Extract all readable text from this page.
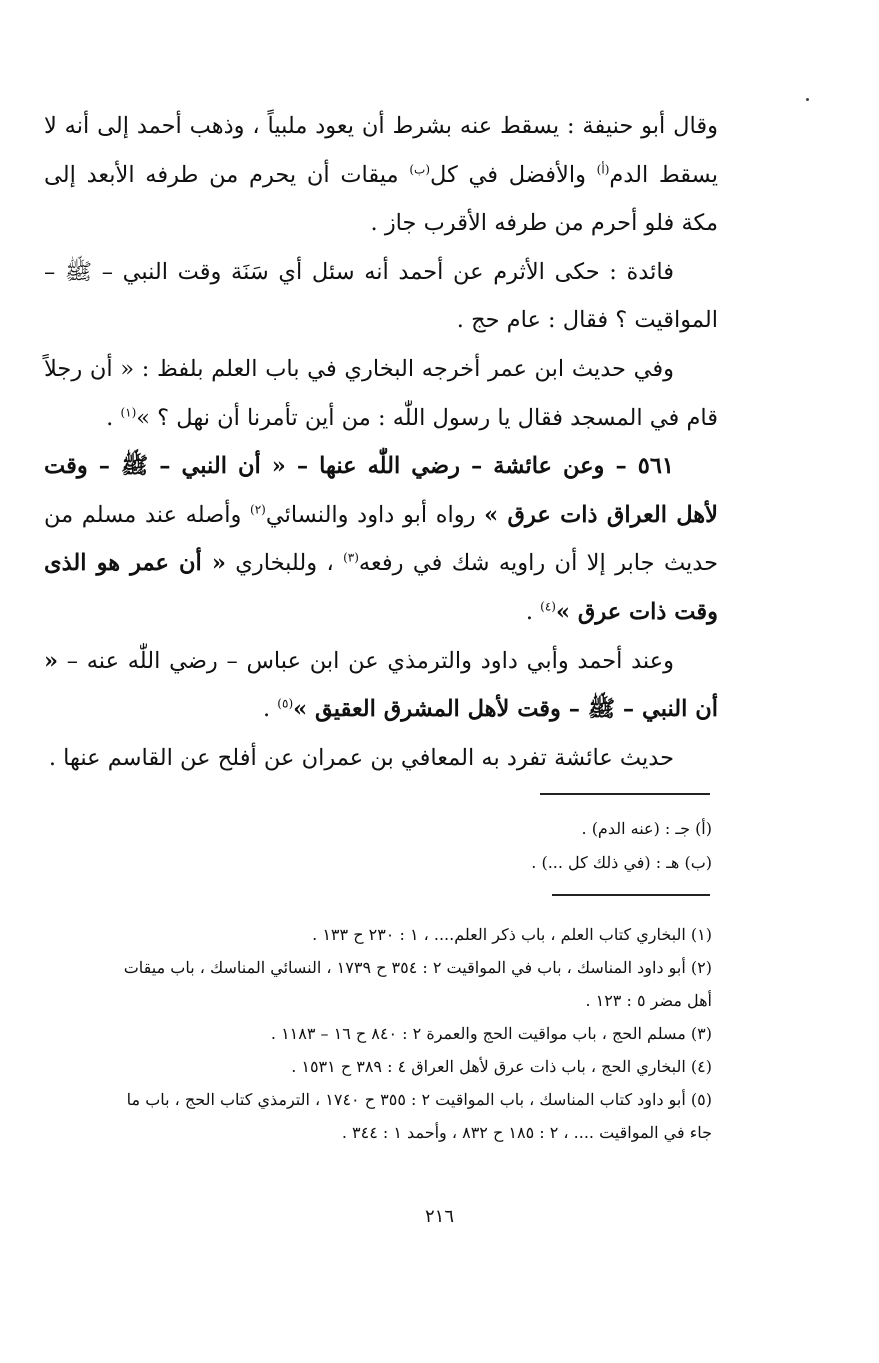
وقال أبو حنيفة : يسقط عنه بشرط أن يعود ملبياً ، وذهب أحمد إلى أنه لا يسقط الدم$^{(أ)}$ والأفضل في كل$^{(ب)}$ ميقات أن يحرم من طرفه الأبعد إلى مكة فلو أحرم من طرفه الأقرب جاز .

فائدة : حكى الأثرم عن أحمد أنه سئل أي سَنَة وقت النبي – ﷺ – المواقيت ؟ فقال : عام حج .

وفي حديث ابن عمر أخرجه البخاري في باب العلم بلفظ : « أن رجلاً قام في المسجد فقال يا رسول اللّٰه : من أين تأمرنا أن نهل ؟ »$^{(١)}$ .

٥٦١ – وعن عائشة – رضي اللّٰه عنها – « أن النبي – ﷺ – وقت لأهل العراق ذات عرق » رواه أبو داود والنسائي$^{(٢)}$ وأصله عند مسلم من حديث جابر إلا أن راويه شك في رفعه$^{(٣)}$ ، وللبخاري « أن عمر هو الذى وقت ذات عرق »$^{(٤)}$ .

وعند أحمد وأبي داود والترمذي عن ابن عباس – رضي اللّٰه عنه – « أن النبي – ﷺ – وقت لأهل المشرق العقيق »$^{(٥)}$ .

حديث عائشة تفرد به المعافي بن عمران عن أفلح عن القاسم عنها .

(أ) جـ : (عنه الدم) .

(ب) هـ : (في ذلك كل ...) .

(١) البخاري كتاب العلم ، باب ذكر العلم.... ، ١ : ٢٣٠ ح ١٣٣ .

(٢) أبو داود المناسك ، باب في المواقيت ٢ : ٣٥٤ ح ١٧٣٩ ، النسائي المناسك ، باب ميقات
أهل مضر ٥ : ١٢٣ .

(٣) مسلم الحج ، باب مواقيت الحج والعمرة ٢ : ٨٤٠ ح ١٦ – ١١٨٣ .

(٤) البخاري الحج ، باب ذات عرق لأهل العراق ٤ : ٣٨٩ ح ١٥٣١ .

(٥) أبو داود كتاب المناسك ، باب المواقيت ٢ : ٣٥٥ ح ١٧٤٠ ، الترمذي كتاب الحج ، باب ما
جاء في المواقيت .... ، ٢ : ١٨٥ ح ٨٣٢ ، وأحمد ١ : ٣٤٤ .

٢١٦
